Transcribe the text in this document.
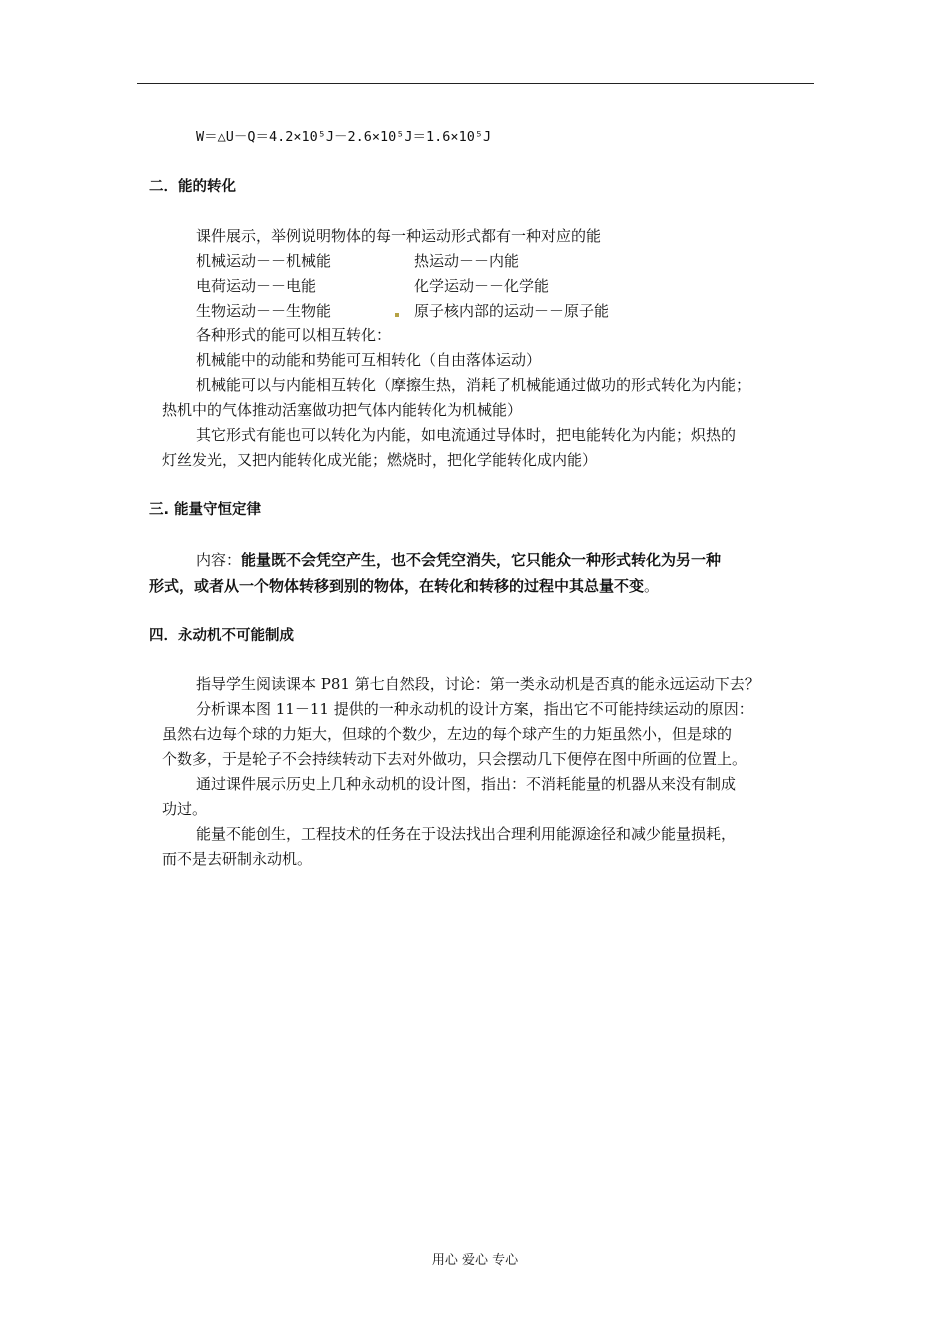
W＝△U－Q＝4.2×10⁵J－2.6×10⁵J＝1.6×10⁵J
二．能的转化
课件展示，举例说明物体的每一种运动形式都有一种对应的能
机械运动－－机械能	热运动－－内能
电荷运动－－电能	化学运动－－化学能
生物运动－－生物能	原子核内部的运动－－原子能
各种形式的能可以相互转化：
机械能中的动能和势能可互相转化（自由落体运动）
机械能可以与内能相互转化（摩擦生热，消耗了机械能通过做功的形式转化为内能；
热机中的气体推动活塞做功把气体内能转化为机械能）
其它形式有能也可以转化为内能，如电流通过导体时，把电能转化为内能；炽热的
灯丝发光，又把内能转化成光能；燃烧时，把化学能转化成内能）
三. 能量守恒定律
内容：能量既不会凭空产生，也不会凭空消失，它只能众一种形式转化为另一种
形式，或者从一个物体转移到别的物体，在转化和转移的过程中其总量不变。
四．永动机不可能制成
指导学生阅读课本 P81 第七自然段，讨论：第一类永动机是否真的能永远运动下去？
分析课本图 11－11 提供的一种永动机的设计方案，指出它不可能持续运动的原因：
虽然右边每个球的力矩大，但球的个数少，左边的每个球产生的力矩虽然小，但是球的
个数多，于是轮子不会持续转动下去对外做功，只会摆动几下便停在图中所画的位置上。
通过课件展示历史上几种永动机的设计图，指出：不消耗能量的机器从来没有制成
功过。
能量不能创生，工程技术的任务在于设法找出合理利用能源途径和减少能量损耗，
而不是去研制永动机。
用心 爱心 专心
